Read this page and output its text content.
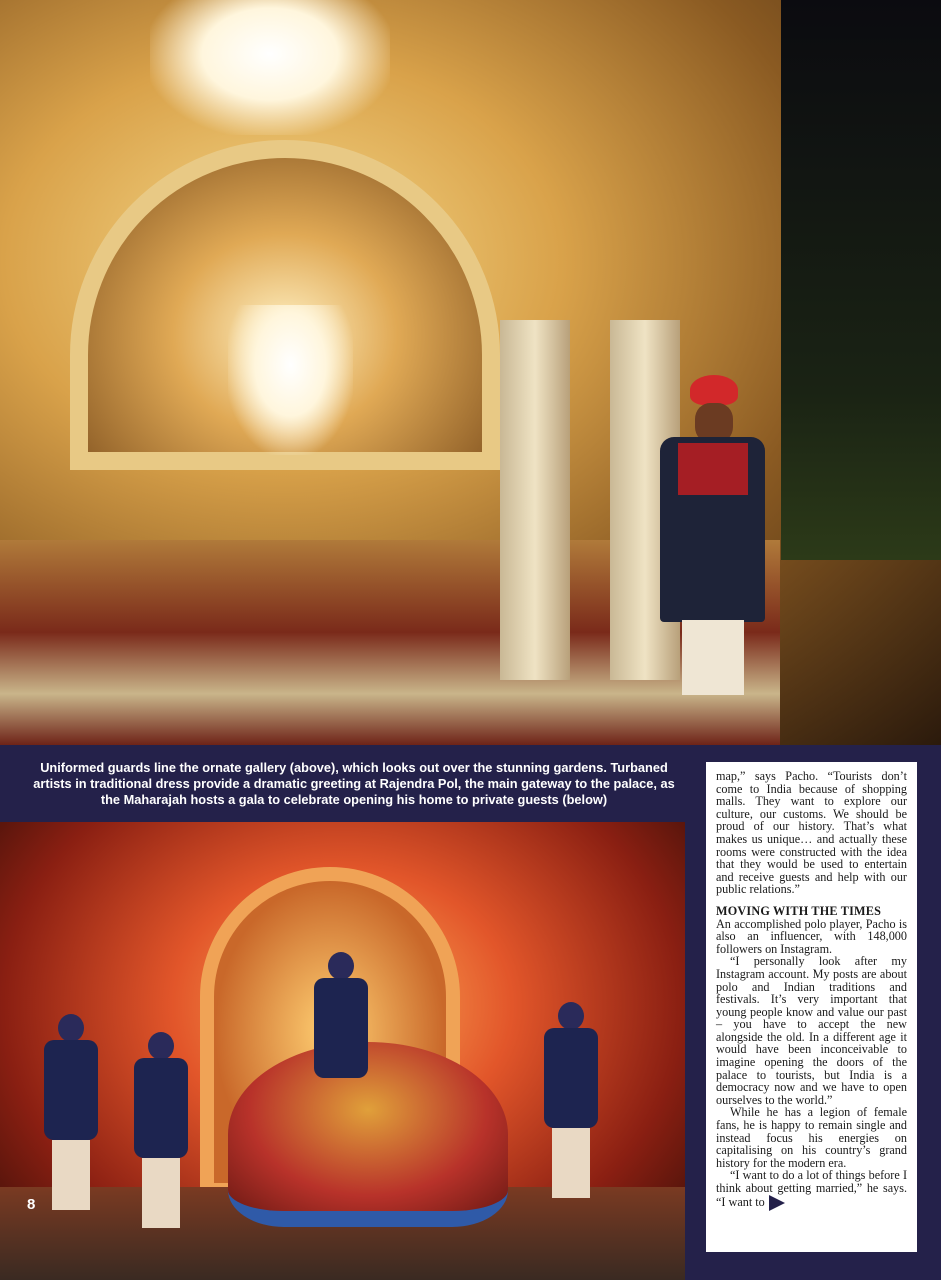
Uniformed guards line the ornate gallery (above), which looks out over the stunning gardens. Turbaned artists in traditional dress provide a dramatic greeting at Rajendra Pol, the main gateway to the palace, as the Maharajah hosts a gala to celebrate opening his home to private guests (below)
8

map,” says Pacho. “Tourists don’t come to India because of shopping malls. They want to explore our culture, our customs. We should be proud of our history. That’s what makes us unique… and actually these rooms were constructed with the idea that they would be used to entertain and receive guests and help with our public relations.”

MOVING WITH THE TIMES

An accomplished polo player, Pacho is also an influencer, with 148,000 followers on Instagram.

“I personally look after my Instagram account. My posts are about polo and Indian traditions and festivals. It’s very important that young people know and value our past – you have to accept the new alongside the old. In a different age it would have been inconceivable to imagine opening the doors of the palace to tourists, but India is a democracy now and we have to open ourselves to the world.”

While he has a legion of female fans, he is happy to remain single and instead focus his energies on capitalising on his country’s grand history for the modern era.

“I want to do a lot of things before I think about getting married,” he says. “I want to
